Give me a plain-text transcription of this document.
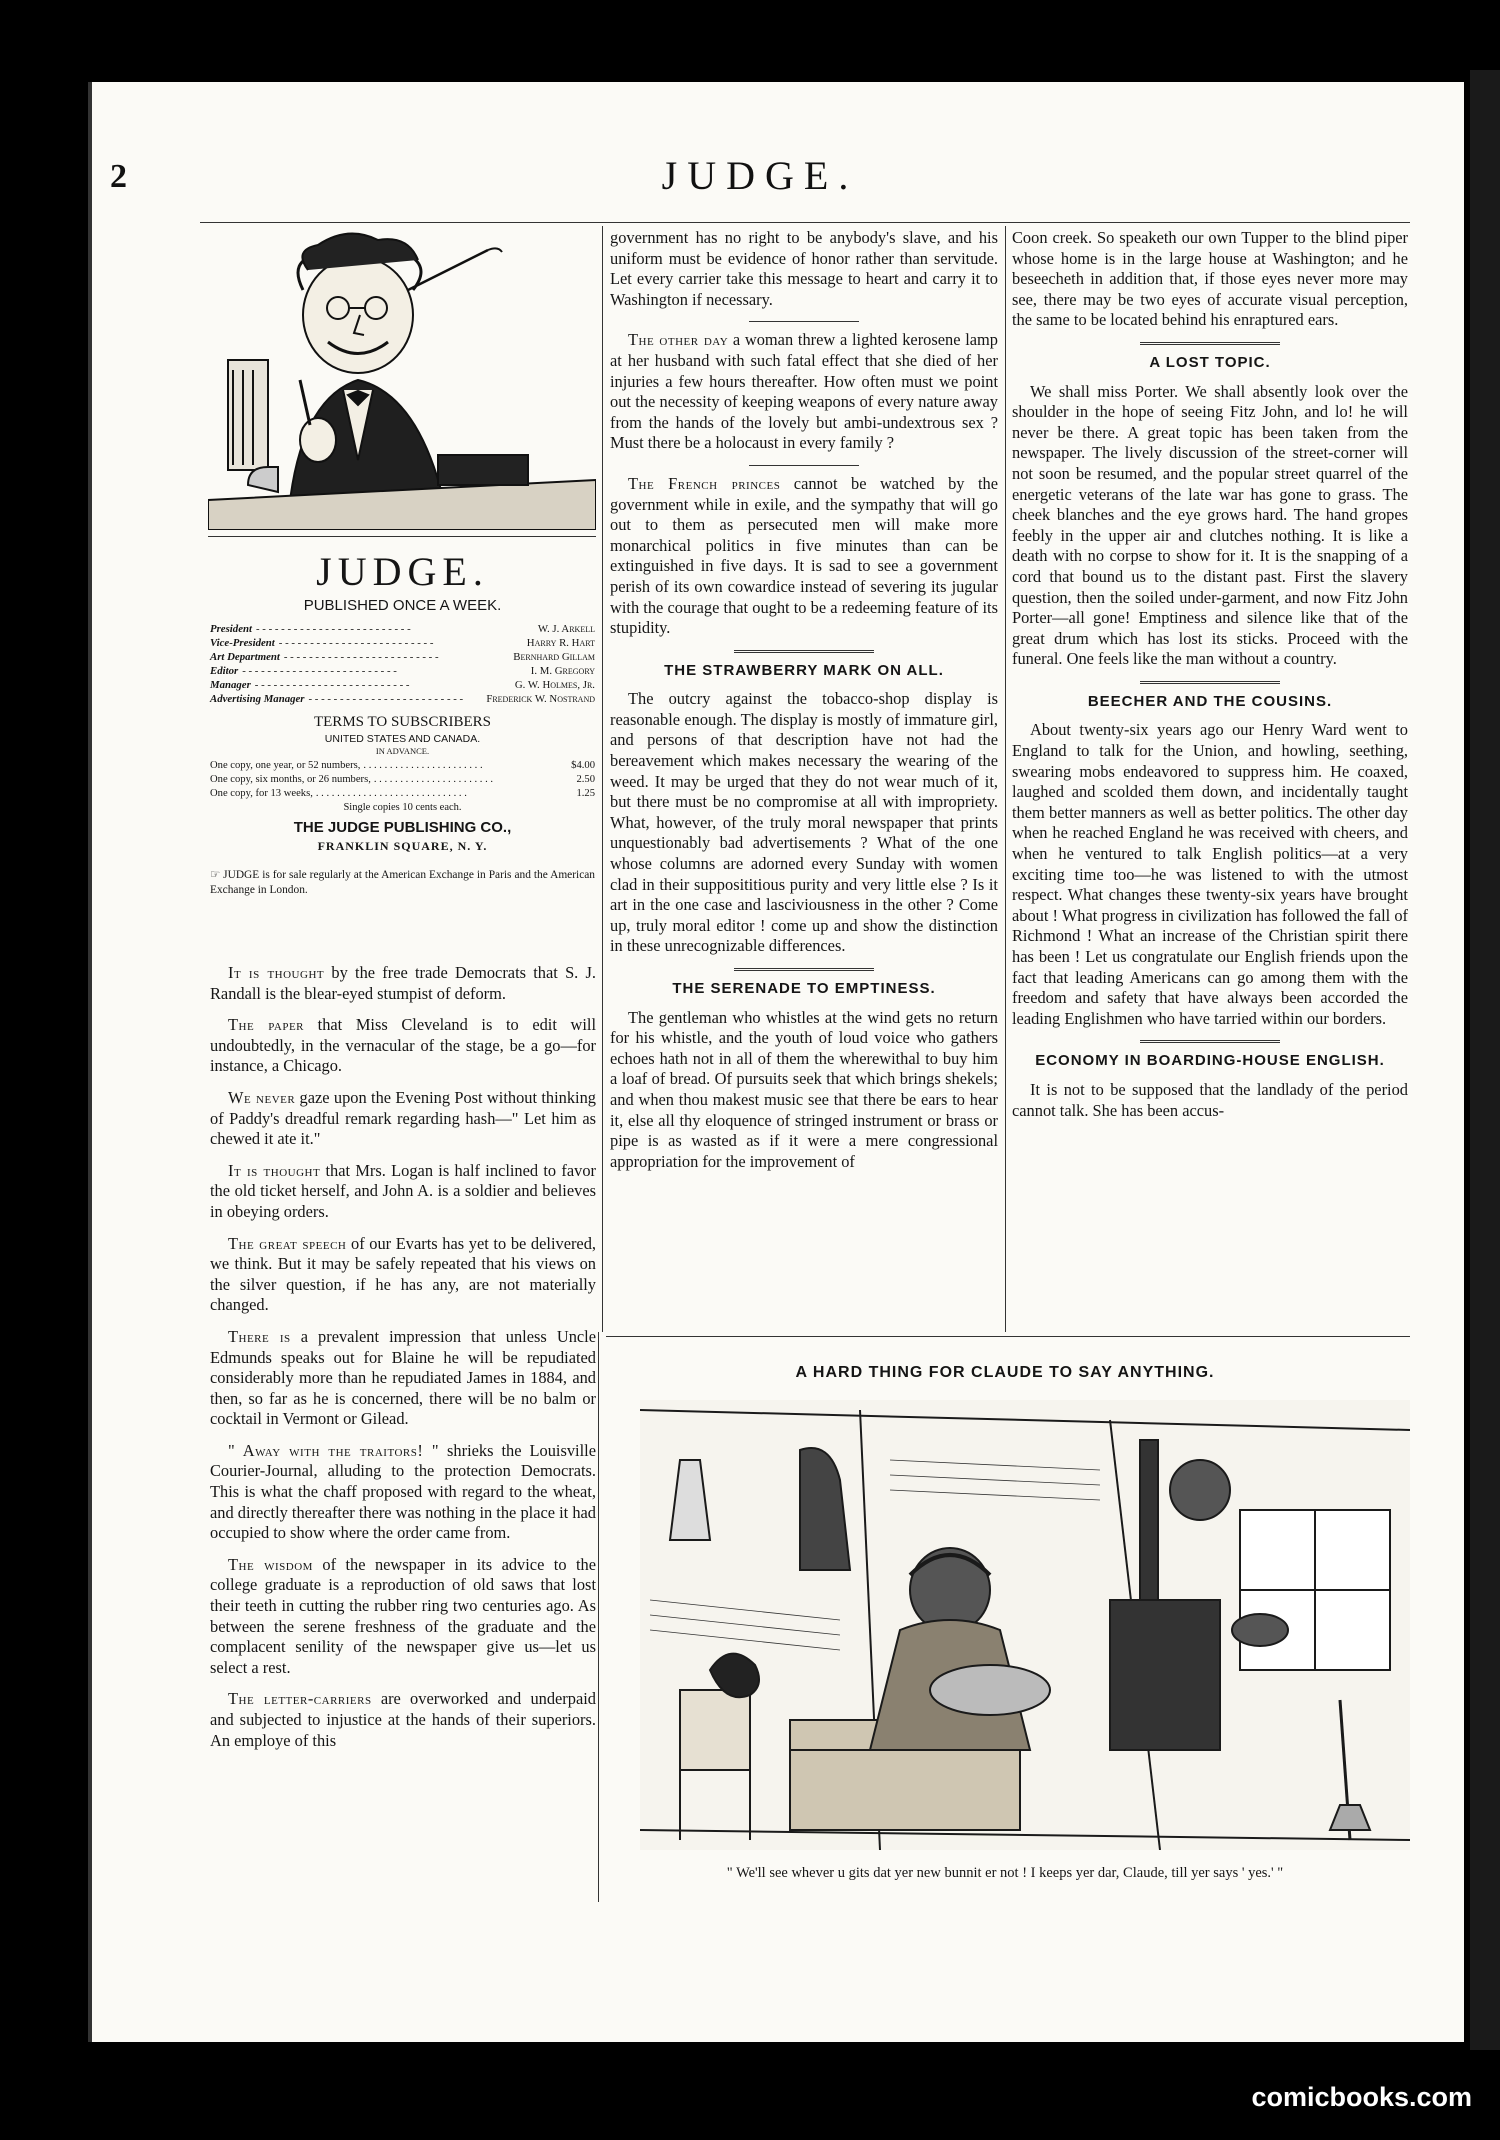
2	JUDGE.
JUDGE.
PUBLISHED ONCE A WEEK.
President - - - - - - - - - - - - - - - - - - - - - - - - -	W. J. Arkell
Vice-President - - - - - - - - - - - - - - - - - - - - - - - - -	Harry R. Hart
Art Department - - - - - - - - - - - - - - - - - - - - - - - - -	Bernhard Gillam
Editor - - - - - - - - - - - - - - - - - - - - - - - - -	I. M. Gregory
Manager - - - - - - - - - - - - - - - - - - - - - - - - -	G. W. Holmes, Jr.
Advertising Manager - - - - - - - - - - - - - - - - - - - - - - - - -	Frederick W. Nostrand
TERMS TO SUBSCRIBERS
UNITED STATES AND CANADA.
IN ADVANCE.
One copy, one year, or 52 numbers, . . . . . . . . . . . . . . . . . . . . . . .	$4.00
One copy, six months, or 26 numbers, . . . . . . . . . . . . . . . . . . . . . . .	2.50
One copy, for 13 weeks, . . . . . . . . . . . . . . . . . . . . . . . . . . . . .	1.25
Single copies 10 cents each.
THE JUDGE PUBLISHING CO.,
FRANKLIN SQUARE, N. Y.
☞ JUDGE is for sale regularly at the American Exchange in Paris and the American Exchange in London.

It is thought by the free trade Democrats that S. J. Randall is the blear-eyed stumpist of deform.

The paper that Miss Cleveland is to edit will undoubtedly, in the vernacular of the stage, be a go—for instance, a Chicago.

We never gaze upon the Evening Post without thinking of Paddy's dreadful remark regarding hash—" Let him as chewed it ate it."

It is thought that Mrs. Logan is half inclined to favor the old ticket herself, and John A. is a soldier and believes in obeying orders.

The great speech of our Evarts has yet to be delivered, we think. But it may be safely repeated that his views on the silver question, if he has any, are not materially changed.

There is a prevalent impression that unless Uncle Edmunds speaks out for Blaine he will be repudiated considerably more than he repudiated James in 1884, and then, so far as he is concerned, there will be no balm or cocktail in Vermont or Gilead.

" Away with the traitors! " shrieks the Louisville Courier-Journal, alluding to the protection Democrats. This is what the chaff proposed with regard to the wheat, and directly thereafter there was nothing in the place it had occupied to show where the order came from.

The wisdom of the newspaper in its advice to the college graduate is a reproduction of old saws that lost their teeth in cutting the rubber ring two centuries ago. As between the serene freshness of the graduate and the complacent senility of the newspaper give us—let us select a rest.

The letter-carriers are overworked and underpaid and subjected to injustice at the hands of their superiors. An employe of this

government has no right to be anybody's slave, and his uniform must be evidence of honor rather than servitude. Let every carrier take this message to heart and carry it to Washington if necessary.

The other day a woman threw a lighted kerosene lamp at her husband with such fatal effect that she died of her injuries a few hours thereafter. How often must we point out the necessity of keeping weapons of every nature away from the hands of the lovely but ambi-undextrous sex ? Must there be a holocaust in every family ?

The French princes cannot be watched by the government while in exile, and the sympathy that will go out to them as persecuted men will make more monarchical politics in five minutes than can be extinguished in five days. It is sad to see a government perish of its own cowardice instead of severing its jugular with the courage that ought to be a redeeming feature of its stupidity.

THE STRAWBERRY MARK ON ALL.

The outcry against the tobacco-shop display is reasonable enough. The display is mostly of immature girl, and persons of that description have not had the bereavement which makes necessary the wearing of the weed. It may be urged that they do not wear much of it, but there must be no compromise at all with impropriety. What, however, of the truly moral newspaper that prints unquestionably bad advertisements ? What of the one whose columns are adorned every Sunday with women clad in their supposititious purity and very little else ? Is it art in the one case and lasciviousness in the other ? Come up, truly moral editor ! come up and show the distinction in these unrecognizable differences.

THE SERENADE TO EMPTINESS.

The gentleman who whistles at the wind gets no return for his whistle, and the youth of loud voice who gathers echoes hath not in all of them the wherewithal to buy him a loaf of bread. Of pursuits seek that which brings shekels; and when thou makest music see that there be ears to hear it, else all thy eloquence of stringed instrument or brass or pipe is as wasted as if it were a mere congressional appropriation for the improvement of

Coon creek. So speaketh our own Tupper to the blind piper whose home is in the large house at Washington; and he beseecheth in addition that, if those eyes never more may see, there may be two eyes of accurate visual perception, the same to be located behind his enraptured ears.

A LOST TOPIC.

We shall miss Porter. We shall absently look over the shoulder in the hope of seeing Fitz John, and lo! he will never be there. A great topic has been taken from the newspaper. The lively discussion of the street-corner will not soon be resumed, and the popular street quarrel of the energetic veterans of the late war has gone to grass. The cheek blanches and the eye grows hard. The hand gropes feebly in the upper air and clutches nothing. It is like a death with no corpse to show for it. It is the snapping of a cord that bound us to the distant past. First the slavery question, then the soiled under-garment, and now Fitz John Porter—all gone! Emptiness and silence like that of the great drum which has lost its sticks. Proceed with the funeral. One feels like the man without a country.

BEECHER AND THE COUSINS.

About twenty-six years ago our Henry Ward went to England to talk for the Union, and howling, seething, swearing mobs endeavored to suppress him. He coaxed, laughed and scolded them down, and incidentally taught them better manners as well as better politics. The other day when he reached England he was received with cheers, and when he ventured to talk English politics—at a very exciting time too—he was listened to with the utmost respect. What changes these twenty-six years have brought about ! What progress in civilization has followed the fall of Richmond ! What an increase of the Christian spirit there has been ! Let us congratulate our English friends upon the fact that leading Americans can go among them with the freedom and safety that have always been accorded the leading Englishmen who have tarried within our borders.

ECONOMY IN BOARDING-HOUSE ENGLISH.

It is not to be supposed that the landlady of the period cannot talk. She has been accus-

A HARD THING FOR CLAUDE TO SAY ANYTHING.
" We'll see whever u gits dat yer new bunnit er not ! I keeps yer dar, Claude, till yer says ' yes.' "
comicbooks.com
